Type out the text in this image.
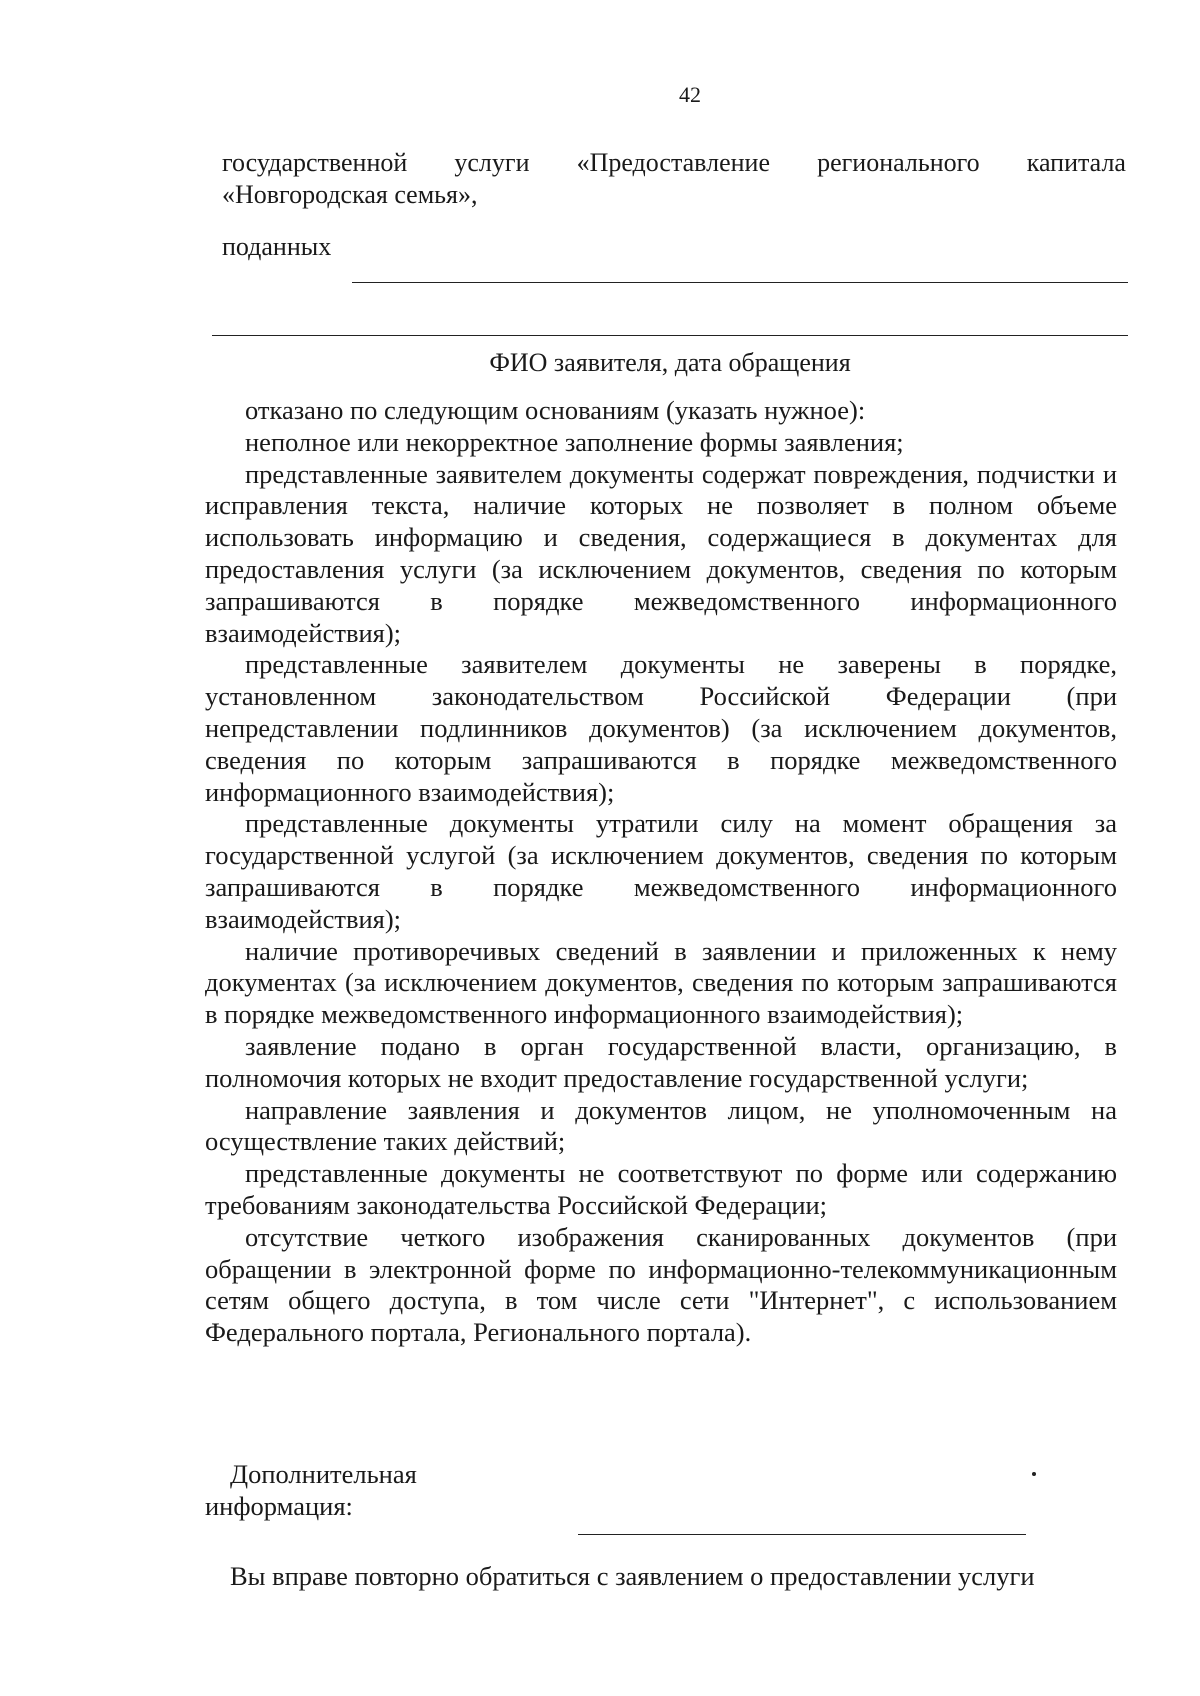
42
государственной услуги «Предоставление регионального капитала
«Новгородская семья»,
поданных
ФИО заявителя, дата обращения

отказано по следующим основаниям (указать нужное):

неполное или некорректное заполнение формы заявления;

представленные заявителем документы содержат повреждения, подчистки и исправления текста, наличие которых не позволяет в полном объеме использовать информацию и сведения, содержащиеся в документах для предоставления услуги (за исключением документов, сведения по которым запрашиваются в порядке межведомственного информационного взаимодействия);

представленные заявителем документы не заверены в порядке, установленном законодательством Российской Федерации (при непредставлении подлинников документов) (за исключением документов, сведения по которым запрашиваются в порядке межведомственного информационного взаимодействия);

представленные документы утратили силу на момент обращения за государственной услугой (за исключением документов, сведения по которым запрашиваются в порядке межведомственного информационного взаимодействия);

наличие противоречивых сведений в заявлении и приложенных к нему документах (за исключением документов, сведения по которым запрашиваются в порядке межведомственного информационного взаимодействия);

заявление подано в орган государственной власти, организацию, в полномочия которых не входит предоставление государственной услуги;

направление заявления и документов лицом, не уполномоченным на осуществление таких действий;

представленные документы не соответствуют по форме или содержанию требованиям законодательства Российской Федерации;

отсутствие четкого изображения сканированных документов (при обращении в электронной форме по информационно-телекоммуникационным сетям общего доступа, в том числе сети "Интернет", с использованием Федерального портала, Регионального портала).

Дополнительная
информация:
Вы вправе повторно обратиться с заявлением о предоставлении услуги
